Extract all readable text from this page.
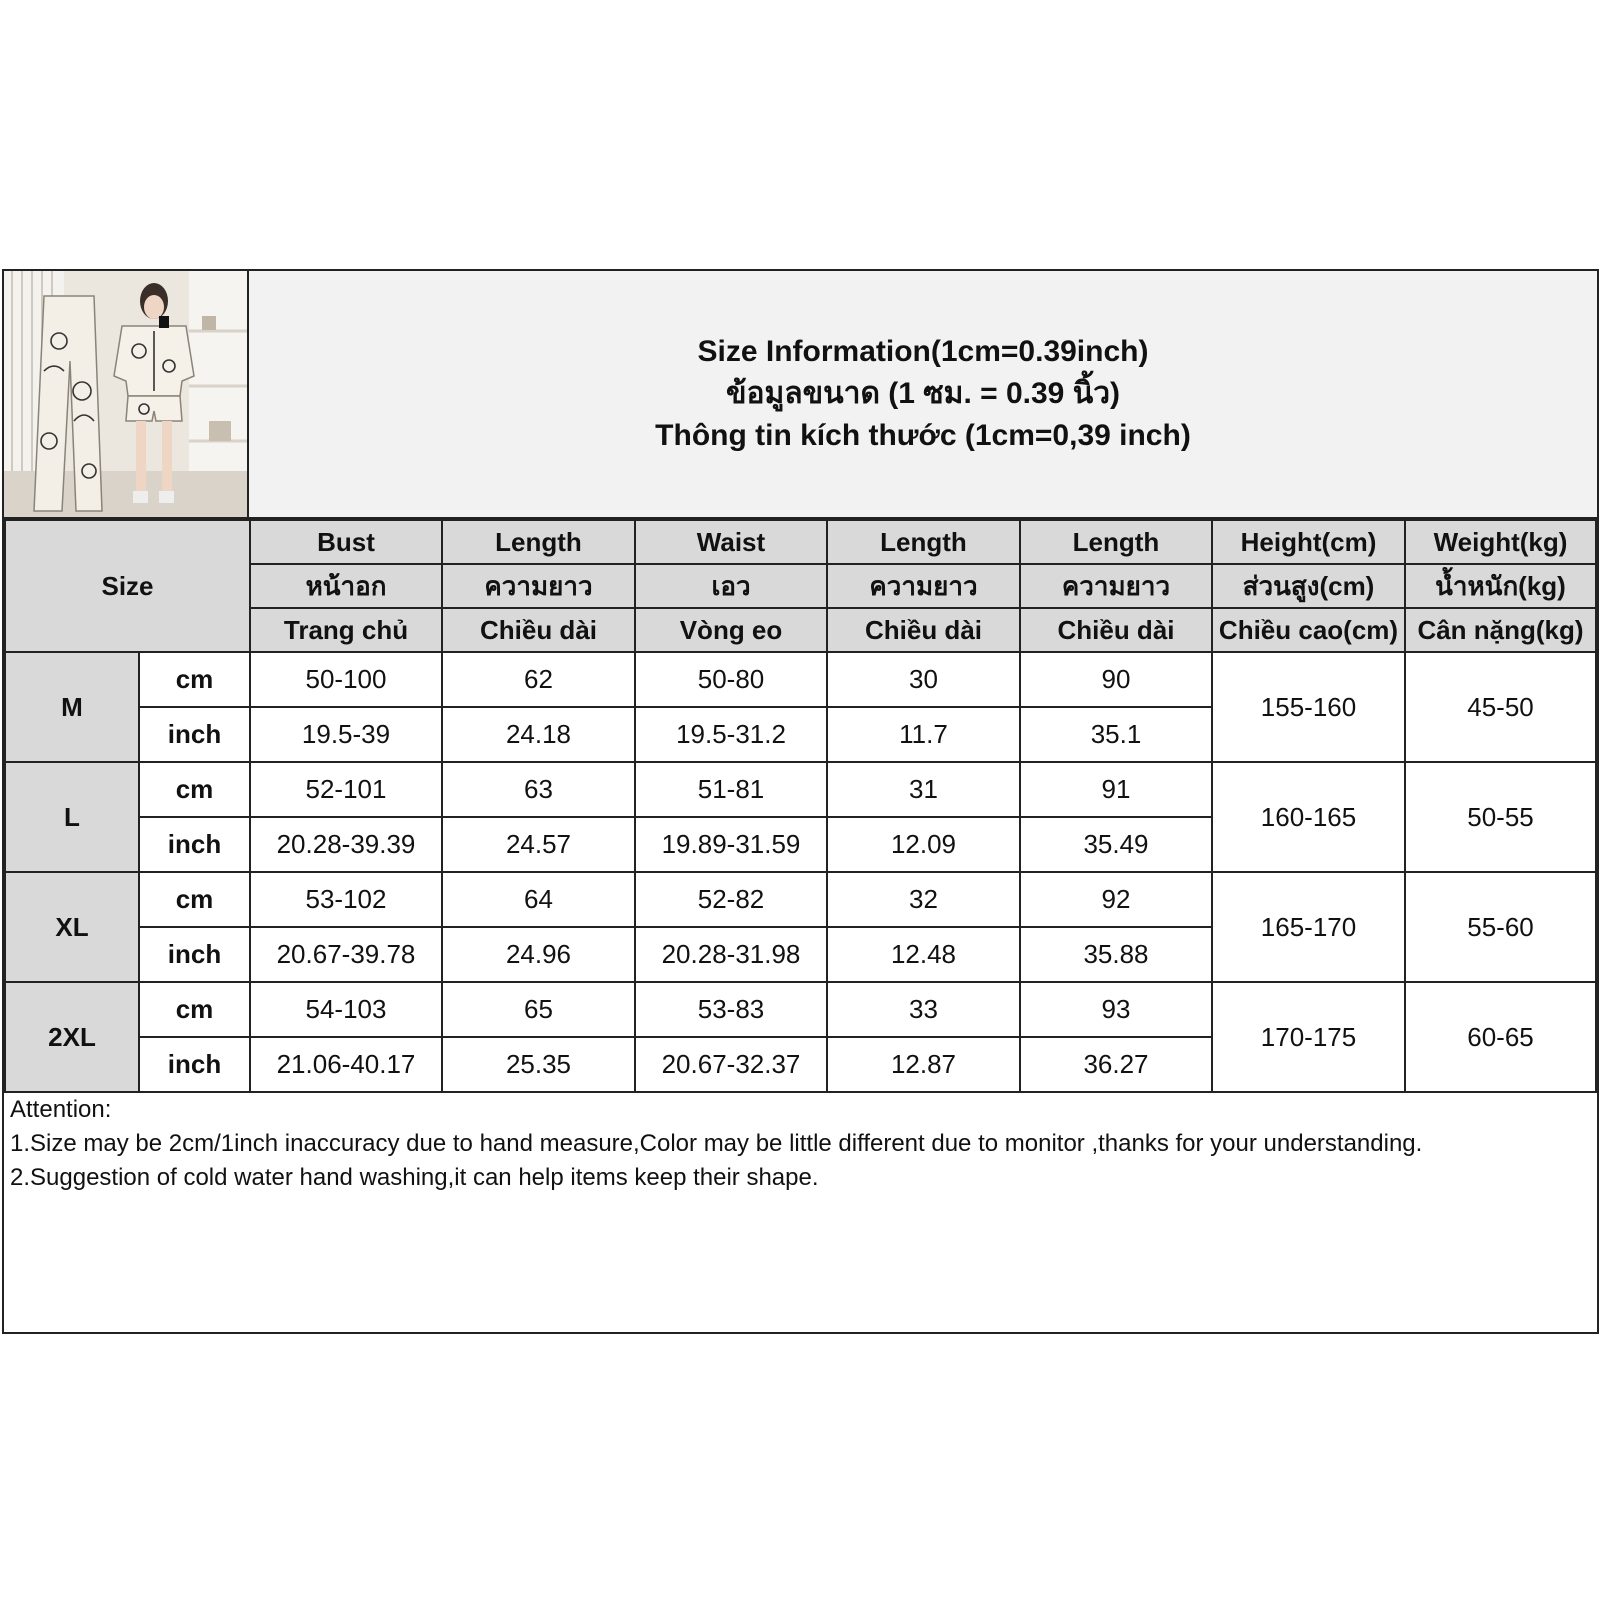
Size Information(1cm=0.39inch)
ข้อมูลขนาด (1 ซม. = 0.39 นิ้ว)
Thông tin kích thước (1cm=0,39 inch)
Size		Bust	Length	Waist	Length	Length	Height(cm)	Weight(kg)
		หน้าอก	ความยาว	เอว	ความยาว	ความยาว	ส่วนสูง(cm)	น้ำหนัก(kg)
		Trang chủ	Chiều dài	Vòng eo	Chiều dài	Chiều dài	Chiều cao(cm)	Cân nặng(kg)
M	cm	50-100	62	50-80	30	90	155-160	45-50
	inch	19.5-39	24.18	19.5-31.2	11.7	35.1		
L	cm	52-101	63	51-81	31	91	160-165	50-55
	inch	20.28-39.39	24.57	19.89-31.59	12.09	35.49		
XL	cm	53-102	64	52-82	32	92	165-170	55-60
	inch	20.67-39.78	24.96	20.28-31.98	12.48	35.88		
2XL	cm	54-103	65	53-83	33	93	170-175	60-65
	inch	21.06-40.17	25.35	20.67-32.37	12.87	36.27		
Attention:
1.Size may be 2cm/1inch inaccuracy due to hand measure,Color may be little different due to monitor ,thanks for your understanding.
2.Suggestion of cold water hand washing,it can help items keep their shape.
